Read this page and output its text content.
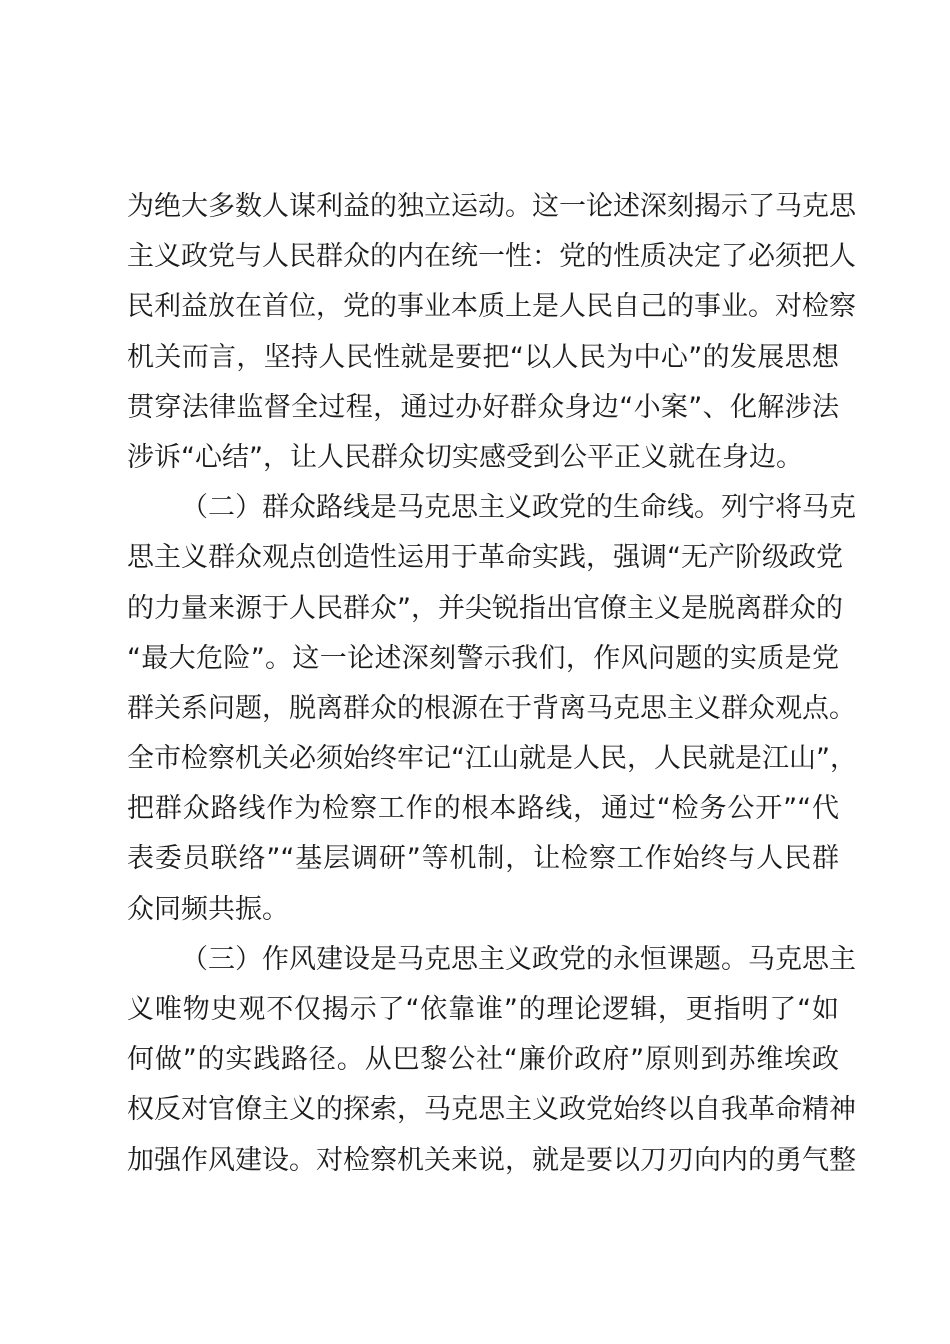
为绝大多数人谋利益的独立运动。这一论述深刻揭示了马克思
主义政党与人民群众的内在统一性：党的性质决定了必须把人
民利益放在首位，党的事业本质上是人民自己的事业。对检察
机关而言，坚持人民性就是要把“以人民为中心”的发展思想
贯穿法律监督全过程，通过办好群众身边“小案”、化解涉法
涉诉“心结”，让人民群众切实感受到公平正义就在身边。
（二）群众路线是马克思主义政党的生命线。列宁将马克
思主义群众观点创造性运用于革命实践，强调“无产阶级政党
的力量来源于人民群众”，并尖锐指出官僚主义是脱离群众的
“最大危险”。这一论述深刻警示我们，作风问题的实质是党
群关系问题，脱离群众的根源在于背离马克思主义群众观点。
全市检察机关必须始终牢记“江山就是人民，人民就是江山”，
把群众路线作为检察工作的根本路线，通过“检务公开”“代
表委员联络”“基层调研”等机制，让检察工作始终与人民群
众同频共振。
（三）作风建设是马克思主义政党的永恒课题。马克思主
义唯物史观不仅揭示了“依靠谁”的理论逻辑，更指明了“如
何做”的实践路径。从巴黎公社“廉价政府”原则到苏维埃政
权反对官僚主义的探索，马克思主义政党始终以自我革命精神
加强作风建设。对检察机关来说，就是要以刀刃向内的勇气整
